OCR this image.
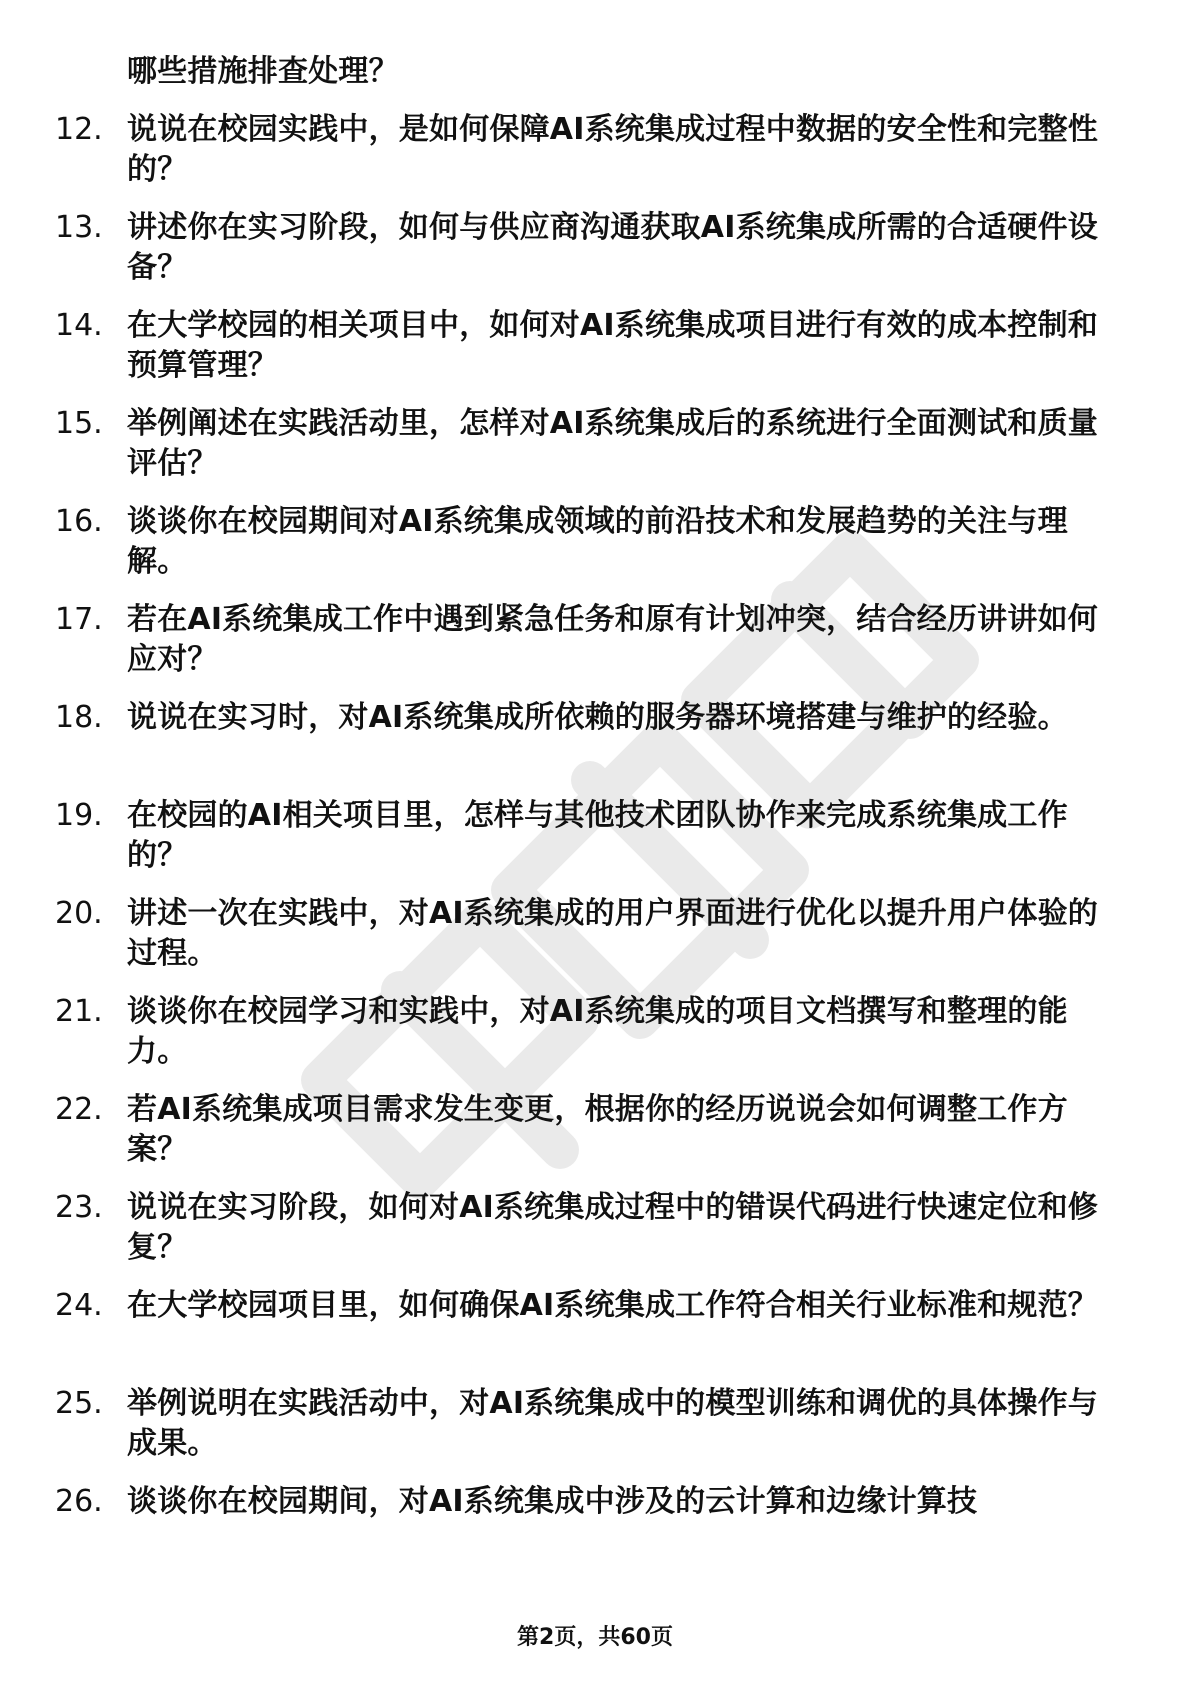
哪些措施排查处理？
12. 说说在校园实践中，是如何保障AI系统集成过程中数据的安全性和完整性的？
13. 讲述你在实习阶段，如何与供应商沟通获取AI系统集成所需的合适硬件设备？
14. 在大学校园的相关项目中，如何对AI系统集成项目进行有效的成本控制和预算管理？
15. 举例阐述在实践活动里，怎样对AI系统集成后的系统进行全面测试和质量评估？
16. 谈谈你在校园期间对AI系统集成领域的前沿技术和发展趋势的关注与理解。
17. 若在AI系统集成工作中遇到紧急任务和原有计划冲突，结合经历讲讲如何应对？
18. 说说在实习时，对AI系统集成所依赖的服务器环境搭建与维护的经验。
19. 在校园的AI相关项目里，怎样与其他技术团队协作来完成系统集成工作的？
20. 讲述一次在实践中，对AI系统集成的用户界面进行优化以提升用户体验的过程。
21. 谈谈你在校园学习和实践中，对AI系统集成的项目文档撰写和整理的能力。
22. 若AI系统集成项目需求发生变更，根据你的经历说说会如何调整工作方案？
23. 说说在实习阶段，如何对AI系统集成过程中的错误代码进行快速定位和修复？
24. 在大学校园项目里，如何确保AI系统集成工作符合相关行业标准和规范？
25. 举例说明在实践活动中，对AI系统集成中的模型训练和调优的具体操作与成果。
26. 谈谈你在校园期间，对AI系统集成中涉及的云计算和边缘计算技
第2页，共60页
